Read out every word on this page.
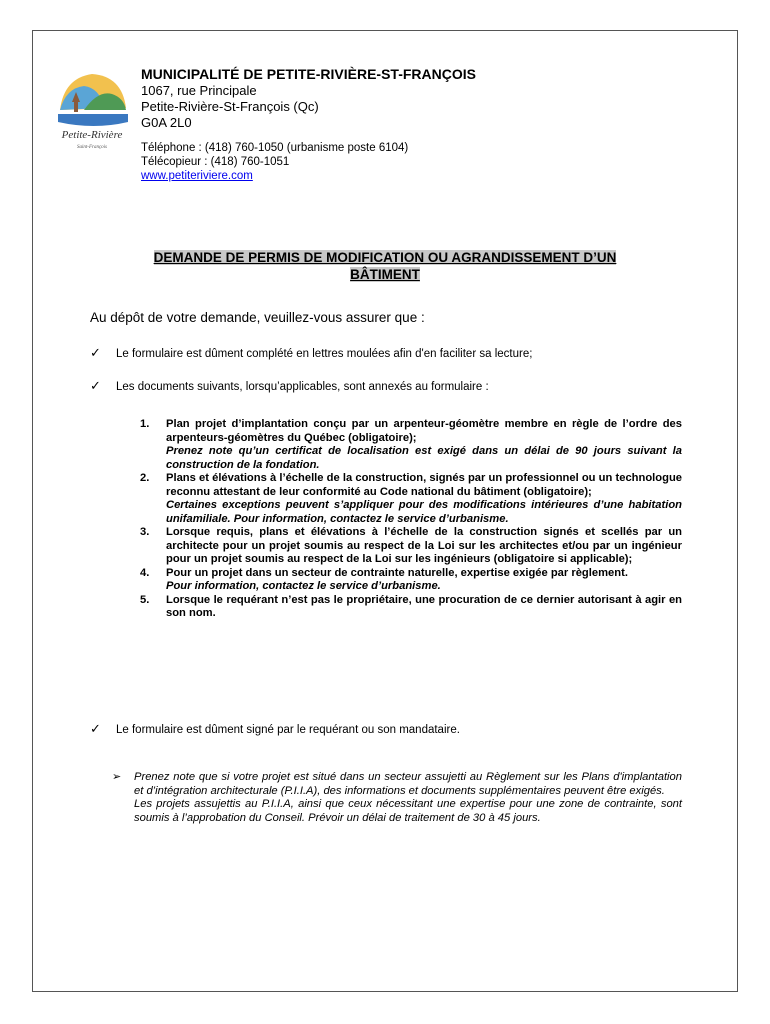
Petite-Rivière
Saint-François

MUNICIPALITÉ DE PETITE-RIVIÈRE-ST-FRANÇOIS

1067, rue Principale

Petite-Rivière-St-François (Qc)

G0A 2L0

Téléphone : (418) 760-1050 (urbanisme poste 6104)
Télécopieur : (418) 760-1051
www.petiteriviere.com
DEMANDE DE PERMIS DE MODIFICATION OU AGRANDISSEMENT D’UN
BÂTIMENT
Au dépôt de votre demande, veuillez-vous assurer que :
✓ Le formulaire est dûment complété en lettres moulées afin d'en faciliter sa lecture;
✓ Les documents suivants, lorsqu’applicables, sont annexés au formulaire :
1.	Plan projet d’implantation conçu par un arpenteur-géomètre membre en règle de l’ordre des arpenteurs-géomètres du Québec (obligatoire);
Prenez note qu’un certificat de localisation est exigé dans un délai de 90 jours suivant la construction de la fondation.
2.	Plans et élévations à l’échelle de la construction, signés par un professionnel ou un technologue reconnu attestant de leur conformité au Code national du bâtiment (obligatoire);
Certaines exceptions peuvent s’appliquer pour des modifications intérieures d’une habitation unifamiliale. Pour information, contactez le service d’urbanisme.
3.	Lorsque requis, plans et élévations à l’échelle de la construction signés et scellés par un architecte pour un projet soumis au respect de la Loi sur les architectes et/ou par un ingénieur pour un projet soumis au respect de la Loi sur les ingénieurs (obligatoire si applicable);
4.	Pour un projet dans un secteur de contrainte naturelle, expertise exigée par règlement.
Pour information, contactez le service d’urbanisme.
5.	Lorsque le requérant n’est pas le propriétaire, une procuration de ce dernier autorisant à agir en son nom.
✓ Le formulaire est dûment signé par le requérant ou son mandataire.
➢	Prenez note que si votre projet est situé dans un secteur assujetti au Règlement sur les Plans d'implantation et d’intégration architecturale (P.I.I.A), des informations et documents supplémentaires peuvent être exigés.
Les projets assujettis au P.I.I.A, ainsi que ceux nécessitant une expertise pour une zone de contrainte, sont soumis à l’approbation du Conseil. Prévoir un délai de traitement de 30 à 45 jours.
